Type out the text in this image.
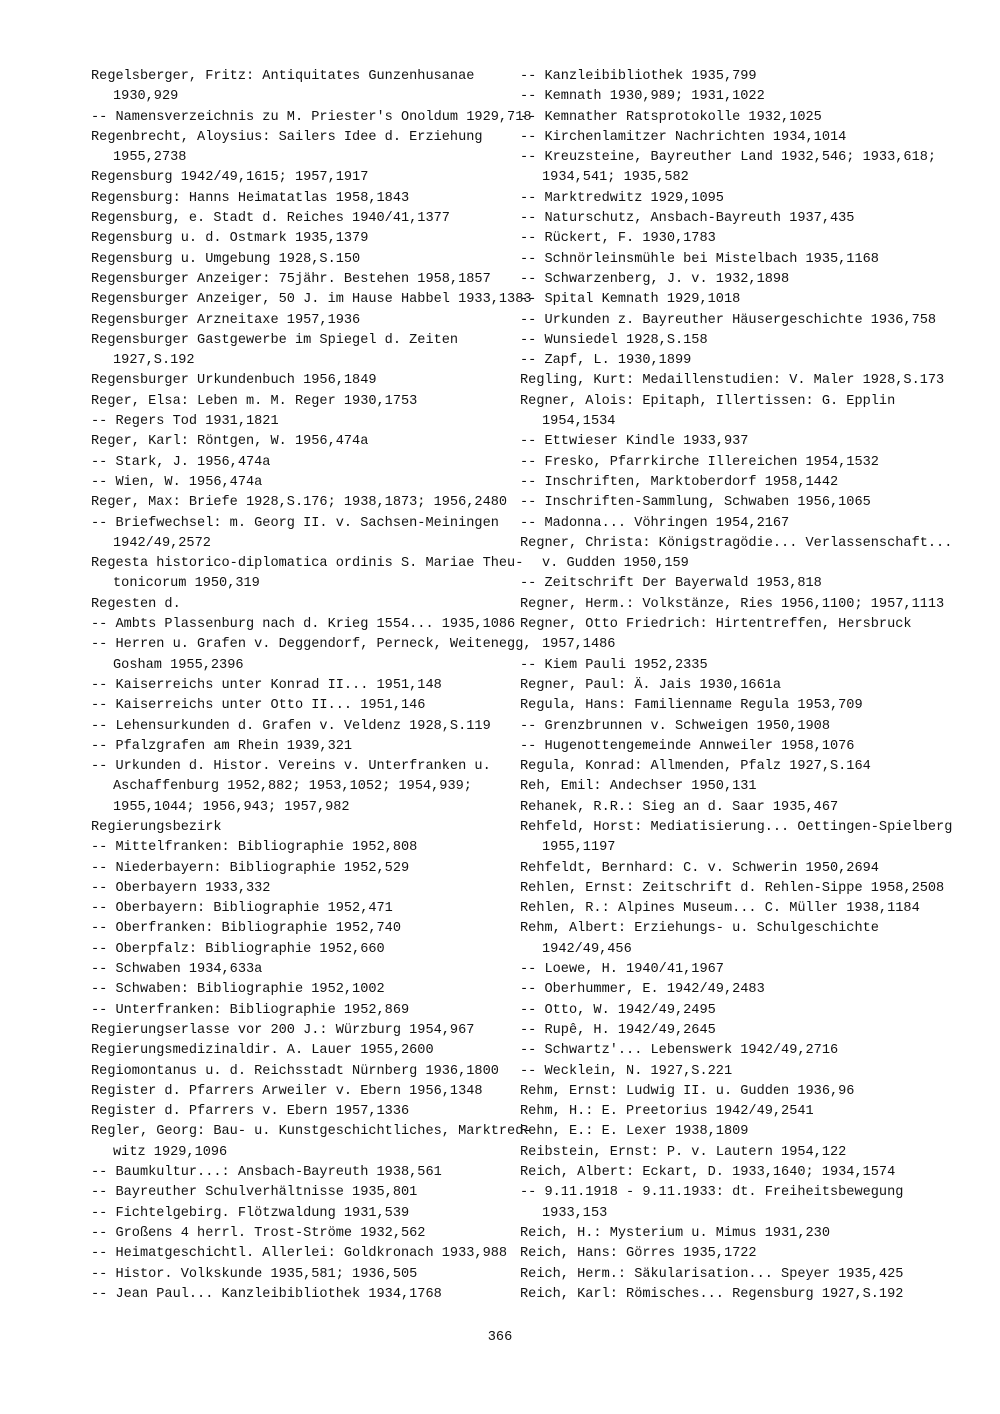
Regelsberger, Fritz: Antiquitates Gunzenhusanae
1930,929
-- Namensverzeichnis zu M. Priester's Onoldum 1929,718
Regenbrecht, Aloysius: Sailers Idee d. Erziehung
1955,2738
Regensburg 1942/49,1615; 1957,1917
Regensburg: Hanns Heimatatlas 1958,1843
Regensburg, e. Stadt d. Reiches 1940/41,1377
Regensburg u. d. Ostmark 1935,1379
Regensburg u. Umgebung 1928,S.150
Regensburger Anzeiger: 75jähr. Bestehen 1958,1857
Regensburger Anzeiger, 50 J. im Hause Habbel 1933,1383
Regensburger Arzneitaxe 1957,1936
Regensburger Gastgewerbe im Spiegel d. Zeiten
1927,S.192
Regensburger Urkundenbuch 1956,1849
Reger, Elsa: Leben m. M. Reger 1930,1753
-- Regers Tod 1931,1821
Reger, Karl: Röntgen, W. 1956,474a
-- Stark, J. 1956,474a
-- Wien, W. 1956,474a
Reger, Max: Briefe 1928,S.176; 1938,1873; 1956,2480
-- Briefwechsel: m. Georg II. v. Sachsen-Meiningen
1942/49,2572
Regesta historico-diplomatica ordinis S. Mariae Theu-
tonicorum 1950,319
Regesten d.
-- Ambts Plassenburg nach d. Krieg 1554... 1935,1086
-- Herren u. Grafen v. Deggendorf, Perneck, Weitenegg,
Gosham 1955,2396
-- Kaiserreichs unter Konrad II... 1951,148
-- Kaiserreichs unter Otto II... 1951,146
-- Lehensurkunden d. Grafen v. Veldenz 1928,S.119
-- Pfalzgrafen am Rhein 1939,321
-- Urkunden d. Histor. Vereins v. Unterfranken u.
Aschaffenburg 1952,882; 1953,1052; 1954,939;
1955,1044; 1956,943; 1957,982
Regierungsbezirk
-- Mittelfranken: Bibliographie 1952,808
-- Niederbayern: Bibliographie 1952,529
-- Oberbayern 1933,332
-- Oberbayern: Bibliographie 1952,471
-- Oberfranken: Bibliographie 1952,740
-- Oberpfalz: Bibliographie 1952,660
-- Schwaben 1934,633a
-- Schwaben: Bibliographie 1952,1002
-- Unterfranken: Bibliographie 1952,869
Regierungserlasse vor 200 J.: Würzburg 1954,967
Regierungsmedizinaldir. A. Lauer 1955,2600
Regiomontanus u. d. Reichsstadt Nürnberg 1936,1800
Register d. Pfarrers Arweiler v. Ebern 1956,1348
Register d. Pfarrers v. Ebern 1957,1336
Regler, Georg: Bau- u. Kunstgeschichtliches, Marktred-
witz 1929,1096
-- Baumkultur...: Ansbach-Bayreuth 1938,561
-- Bayreuther Schulverhältnisse 1935,801
-- Fichtelgebirg. Flötzwaldung 1931,539
-- Großens 4 herrl. Trost-Ströme 1932,562
-- Heimatgeschichtl. Allerlei: Goldkronach 1933,988
-- Histor. Volkskunde 1935,581; 1936,505
-- Jean Paul... Kanzleibibliothek 1934,1768
-- Kanzleibibliothek 1935,799
-- Kemnath 1930,989; 1931,1022
-- Kemnather Ratsprotokolle 1932,1025
-- Kirchenlamitzer Nachrichten 1934,1014
-- Kreuzsteine, Bayreuther Land 1932,546; 1933,618;
1934,541; 1935,582
-- Marktredwitz 1929,1095
-- Naturschutz, Ansbach-Bayreuth 1937,435
-- Rückert, F. 1930,1783
-- Schnörleinsmühle bei Mistelbach 1935,1168
-- Schwarzenberg, J. v. 1932,1898
-- Spital Kemnath 1929,1018
-- Urkunden z. Bayreuther Häusergeschichte 1936,758
-- Wunsiedel 1928,S.158
-- Zapf, L. 1930,1899
Regling, Kurt: Medaillenstudien: V. Maler 1928,S.173
Regner, Alois: Epitaph, Illertissen: G. Epplin
1954,1534
-- Ettwieser Kindle 1933,937
-- Fresko, Pfarrkirche Illereichen 1954,1532
-- Inschriften, Marktoberdorf 1958,1442
-- Inschriften-Sammlung, Schwaben 1956,1065
-- Madonna... Vöhringen 1954,2167
Regner, Christa: Königstragödie... Verlassenschaft...
v. Gudden 1950,159
-- Zeitschrift Der Bayerwald 1953,818
Regner, Herm.: Volkstänze, Ries 1956,1100; 1957,1113
Regner, Otto Friedrich: Hirtentreffen, Hersbruck
1957,1486
-- Kiem Pauli 1952,2335
Regner, Paul: Ä. Jais 1930,1661a
Regula, Hans: Familienname Regula 1953,709
-- Grenzbrunnen v. Schweigen 1950,1908
-- Hugenottengemeinde Annweiler 1958,1076
Regula, Konrad: Allmenden, Pfalz 1927,S.164
Reh, Emil: Andechser 1950,131
Rehanek, R.R.: Sieg an d. Saar 1935,467
Rehfeld, Horst: Mediatisierung... Oettingen-Spielberg
1955,1197
Rehfeldt, Bernhard: C. v. Schwerin 1950,2694
Rehlen, Ernst: Zeitschrift d. Rehlen-Sippe 1958,2508
Rehlen, R.: Alpines Museum... C. Müller 1938,1184
Rehm, Albert: Erziehungs- u. Schulgeschichte
1942/49,456
-- Loewe, H. 1940/41,1967
-- Oberhummer, E. 1942/49,2483
-- Otto, W. 1942/49,2495
-- Rupê, H. 1942/49,2645
-- Schwartz'... Lebenswerk 1942/49,2716
-- Wecklein, N. 1927,S.221
Rehm, Ernst: Ludwig II. u. Gudden 1936,96
Rehm, H.: E. Preetorius 1942/49,2541
Rehn, E.: E. Lexer 1938,1809
Reibstein, Ernst: P. v. Lautern 1954,122
Reich, Albert: Eckart, D. 1933,1640; 1934,1574
-- 9.11.1918 - 9.11.1933: dt. Freiheitsbewegung
1933,153
Reich, H.: Mysterium u. Mimus 1931,230
Reich, Hans: Görres 1935,1722
Reich, Herm.: Säkularisation... Speyer 1935,425
Reich, Karl: Römisches... Regensburg 1927,S.192
366
